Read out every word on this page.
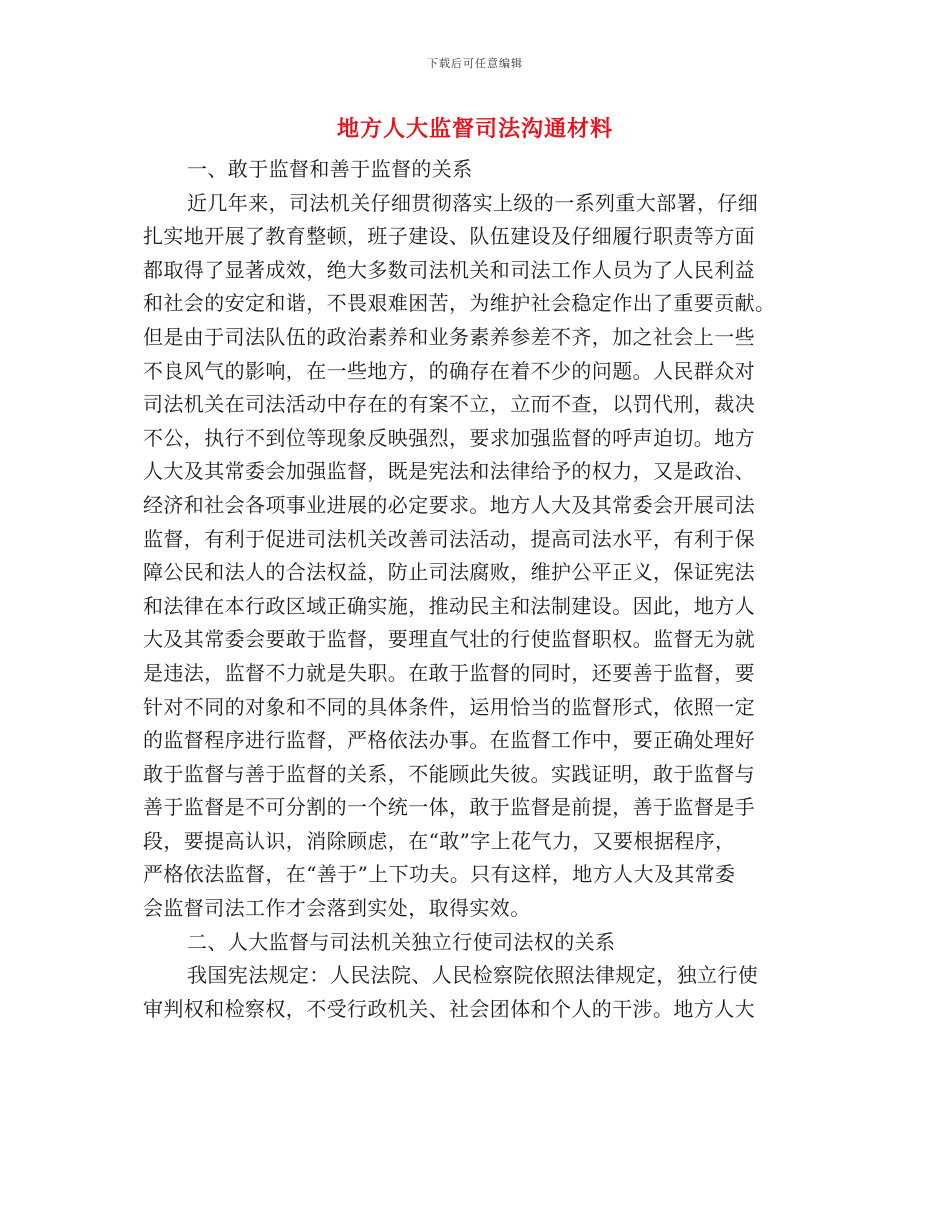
下载后可任意编辑
地方人大监督司法沟通材料
一、敢于监督和善于监督的关系
近几年来，司法机关仔细贯彻落实上级的一系列重大部署，仔细
扎实地开展了教育整顿，班子建设、队伍建设及仔细履行职责等方面
都取得了显著成效，绝大多数司法机关和司法工作人员为了人民利益
和社会的安定和谐，不畏艰难困苦，为维护社会稳定作出了重要贡献。
但是由于司法队伍的政治素养和业务素养参差不齐，加之社会上一些
不良风气的影响，在一些地方，的确存在着不少的问题。人民群众对
司法机关在司法活动中存在的有案不立，立而不查，以罚代刑，裁决
不公，执行不到位等现象反映强烈，要求加强监督的呼声迫切。地方
人大及其常委会加强监督，既是宪法和法律给予的权力，又是政治、
经济和社会各项事业进展的必定要求。地方人大及其常委会开展司法
监督，有利于促进司法机关改善司法活动，提高司法水平，有利于保
障公民和法人的合法权益，防止司法腐败，维护公平正义，保证宪法
和法律在本行政区域正确实施，推动民主和法制建设。因此，地方人
大及其常委会要敢于监督，要理直气壮的行使监督职权。监督无为就
是违法，监督不力就是失职。在敢于监督的同时，还要善于监督，要
针对不同的对象和不同的具体条件，运用恰当的监督形式，依照一定
的监督程序进行监督，严格依法办事。在监督工作中，要正确处理好
敢于监督与善于监督的关系，不能顾此失彼。实践证明，敢于监督与
善于监督是不可分割的一个统一体，敢于监督是前提，善于监督是手
段，要提高认识，消除顾虑，在“敢”字上花气力，又要根据程序，
严格依法监督，在“善于”上下功夫。只有这样，地方人大及其常委
会监督司法工作才会落到实处，取得实效。
二、人大监督与司法机关独立行使司法权的关系
我国宪法规定：人民法院、人民检察院依照法律规定，独立行使
审判权和检察权，不受行政机关、社会团体和个人的干涉。地方人大
